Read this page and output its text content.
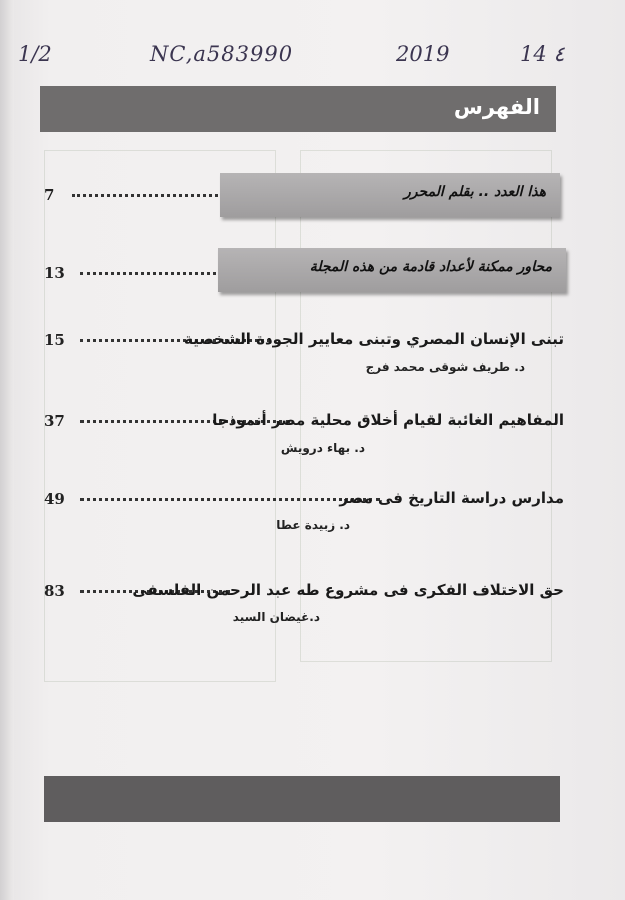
1/2	NC,a583990	2019	14 ٤
الفهرس
7	هذا العدد .. بقلم المحرر
13	محاور ممكنة لأعداد قادمة من هذه المجلة
15	تبنى الإنسان المصري وتبنى معايير الجودة الشخصية
د. طريف شوقى محمد فرج
37	المفاهيم الغائبة لقيام أخلاق محلية مصر أنموذجا
د. بهاء درويش
49	مدارس دراسة التاريخ فى مصر
د. زبيدة عطا
83	حق الاختلاف الفكرى فى مشروع طه عبد الرحمن الفلسفى
د.غيضان السيد
